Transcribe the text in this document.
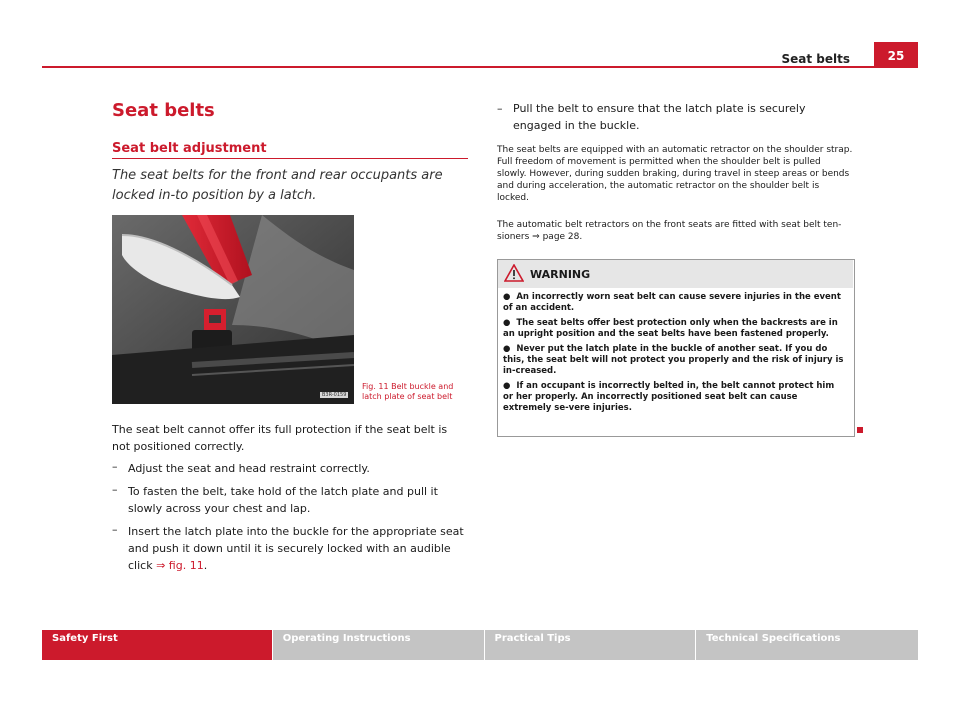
Seat belts	25
Seat belts
Seat belt adjustment
The seat belts for the front and rear occupants are locked in-to position by a latch.
B3R-0159
Fig. 11 Belt buckle and latch plate of seat belt
The seat belt cannot offer its full protection if the seat belt is not positioned correctly.
– Adjust the seat and head restraint correctly.
– To fasten the belt, take hold of the latch plate and pull it slowly across your chest and lap.
– Insert the latch plate into the buckle for the appropriate seat and push it down until it is securely locked with an audible click ⇒ fig. 11.
– Pull the belt to ensure that the latch plate is securely engaged in the buckle.
The seat belts are equipped with an automatic retractor on the shoulder strap. Full freedom of movement is permitted when the shoulder belt is pulled slowly. However, during sudden braking, during travel in steep areas or bends and during acceleration, the automatic retractor on the shoulder belt is locked.
The automatic belt retractors on the front seats are fitted with seat belt ten-sioners ⇒ page 28.
WARNING
●  An incorrectly worn seat belt can cause severe injuries in the event of an accident.
●  The seat belts offer best protection only when the backrests are in an upright position and the seat belts have been fastened properly.
●  Never put the latch plate in the buckle of another seat. If you do this, the seat belt will not protect you properly and the risk of injury is in-creased.
●  If an occupant is incorrectly belted in, the belt cannot protect him or her properly. An incorrectly positioned seat belt can cause extremely se-vere injuries.
Safety First	Operating Instructions	Practical Tips	Technical Specifications
